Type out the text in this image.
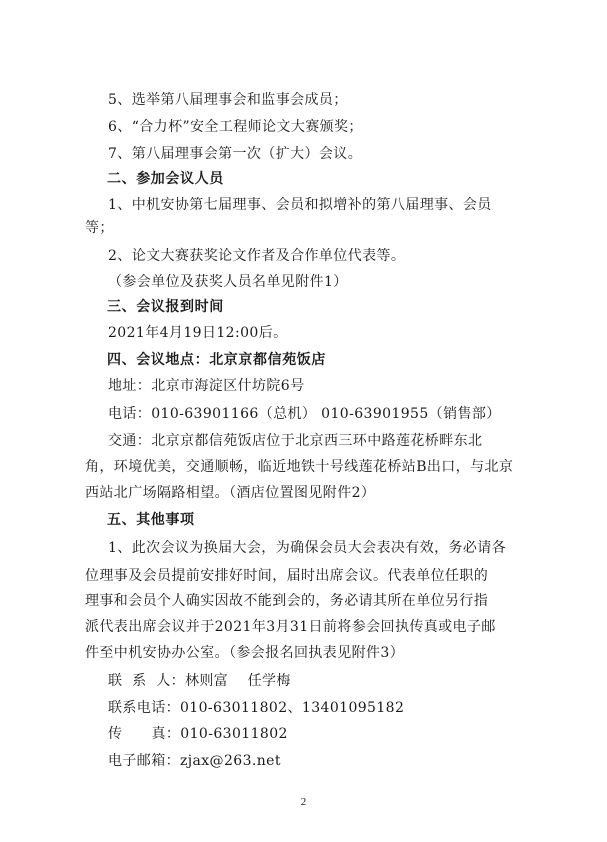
5、选举第八届理事会和监事会成员；
6、“合力杯”安全工程师论文大赛颁奖；
7、第八届理事会第一次（扩大）会议。
二、参加会议人员
1、中机安协第七届理事、会员和拟增补的第八届理事、会员
等；
2、论文大赛获奖论文作者及合作单位代表等。
（参会单位及获奖人员名单见附件1）
三、会议报到时间
2021年4月19日12:00后。
四、会议地点：北京京都信苑饭店
地址：北京市海淀区什坊院6号
电话：010-63901166（总机） 010-63901955（销售部）
交通：北京京都信苑饭店位于北京西三环中路莲花桥畔东北
角，环境优美，交通顺畅，临近地铁十号线莲花桥站B出口，与北京
西站北广场隔路相望。（酒店位置图见附件2）
五、其他事项
1、此次会议为换届大会，为确保会员大会表决有效，务必请各
位理事及会员提前安排好时间，届时出席会议。代表单位任职的
理事和会员个人确实因故不能到会的，务必请其所在单位另行指
派代表出席会议并于2021年3月31日前将参会回执传真或电子邮
件至中机安协办公室。（参会报名回执表见附件3）
联  系  人：林则富    任学梅
联系电话：010-63011802、13401095182
传      真：010-63011802
电子邮箱：zjax@263.net
2
